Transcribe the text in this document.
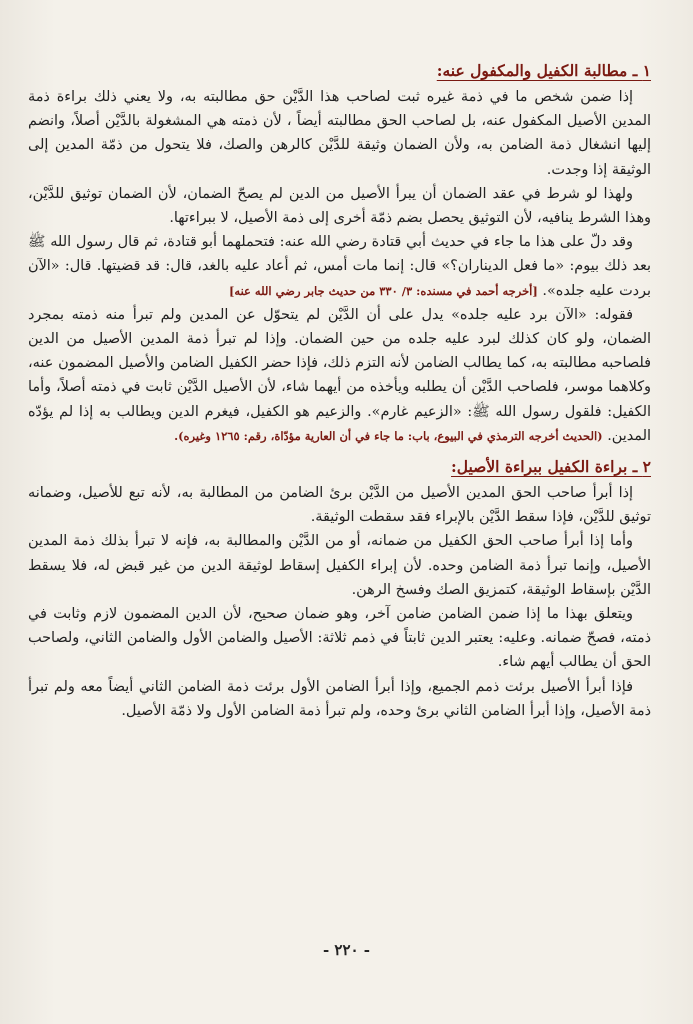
١ ـ مطالبة الكفيل والمكفول عنه:

إذا ضمن شخص ما في ذمة غيره ثبت لصاحب هذا الدَّيْن حق مطالبته به، ولا يعني ذلك براءة ذمة المدين الأصيل المكفول عنه، بل لصاحب الحق مطالبته أيضاً ، لأن ذمته هي المشغولة بالدَّيْن أصلاً، وانضم إليها انشغال ذمة الضامن به، ولأن الضمان وثيقة للدَّيْن كالرهن والصك، فلا يتحول من ذمّة المدين إلى الوثيقة إذا وجدت.

ولهذا لو شرط في عقد الضمان أن يبرأ الأصيل من الدين لم يصحّ الضمان، لأن الضمان توثيق للدَّيْن، وهذا الشرط ينافيه، لأن التوثيق يحصل بضم ذمّة أخرى إلى ذمة الأصيل، لا ببراءتها.

وقد دلّ على هذا ما جاء في حديث أبي قتادة رضي الله عنه: فتحملهما أبو قتادة، ثم قال رسول الله ﷺ بعد ذلك بيوم: «ما فعل الديناران؟» قال: إنما مات أمس، ثم أعاد عليه بالغد، قال: قد قضيتها. قال: «الآن بردت عليه جلده». [أخرجه أحمد في مسنده: ٣/ ٣٣٠ من حديث جابر رضي الله عنه]

فقوله: «الآن برد عليه جلده» يدل على أن الدَّيْن لم يتحوّل عن المدين ولم تبرأ منه ذمته بمجرد الضمان، ولو كان كذلك لبرد عليه جلده من حين الضمان. وإذا لم تبرأ ذمة المدين الأصيل من الدين فلصاحبه مطالبته به، كما يطالب الضامن لأنه التزم ذلك، فإذا حضر الكفيل الضامن والأصيل المضمون عنه، وكلاهما موسر، فلصاحب الدَّيْن أن يطلبه ويأخذه من أيهما شاء، لأن الأصيل الدَّيْن ثابت في ذمته أصلاً، وأما الكفيل: فلقول رسول الله ﷺ: «الزعيم غارم». والزعيم هو الكفيل، فيغرم الدين ويطالب به إذا لم يؤدّه المدين. (الحديث أخرجه الترمذي في البيوع، باب: ما جاء في أن العارية مؤدّاة، رقم: ١٢٦٥ وغيره).

٢ ـ براءة الكفيل ببراءة الأصيل:

إذا أبرأ صاحب الحق المدين الأصيل من الدَّيْن برئ الضامن من المطالبة به، لأنه تبع للأصيل، وضمانه توثيق للدَّيْن، فإذا سقط الدَّيْن بالإبراء فقد سقطت الوثيقة.

وأما إذا أبرأ صاحب الحق الكفيل من ضمانه، أو من الدَّيْن والمطالبة به، فإنه لا تبرأ بذلك ذمة المدين الأصيل، وإنما تبرأ ذمة الضامن وحده. لأن إبراء الكفيل إسقاط لوثيقة الدين من غير قبض له، فلا يسقط الدَّيْن بإسقاط الوثيقة، كتمزيق الصك وفسخ الرهن.

ويتعلق بهذا ما إذا ضمن الضامن ضامن آخر، وهو ضمان صحيح، لأن الدين المضمون لازم وثابت في ذمته، فصحّ ضمانه. وعليه: يعتبر الدين ثابتاً في ذمم ثلاثة: الأصيل والضامن الأول والضامن الثاني، ولصاحب الحق أن يطالب أيهم شاء.

فإذا أبرأ الأصيل برئت ذمم الجميع، وإذا أبرأ الضامن الأول برئت ذمة الضامن الثاني أيضاً معه ولم تبرأ ذمة الأصيل، وإذا أبرأ الضامن الثاني برئ وحده، ولم تبرأ ذمة الضامن الأول ولا ذمّة الأصيل.

- ٢٢٠ -
